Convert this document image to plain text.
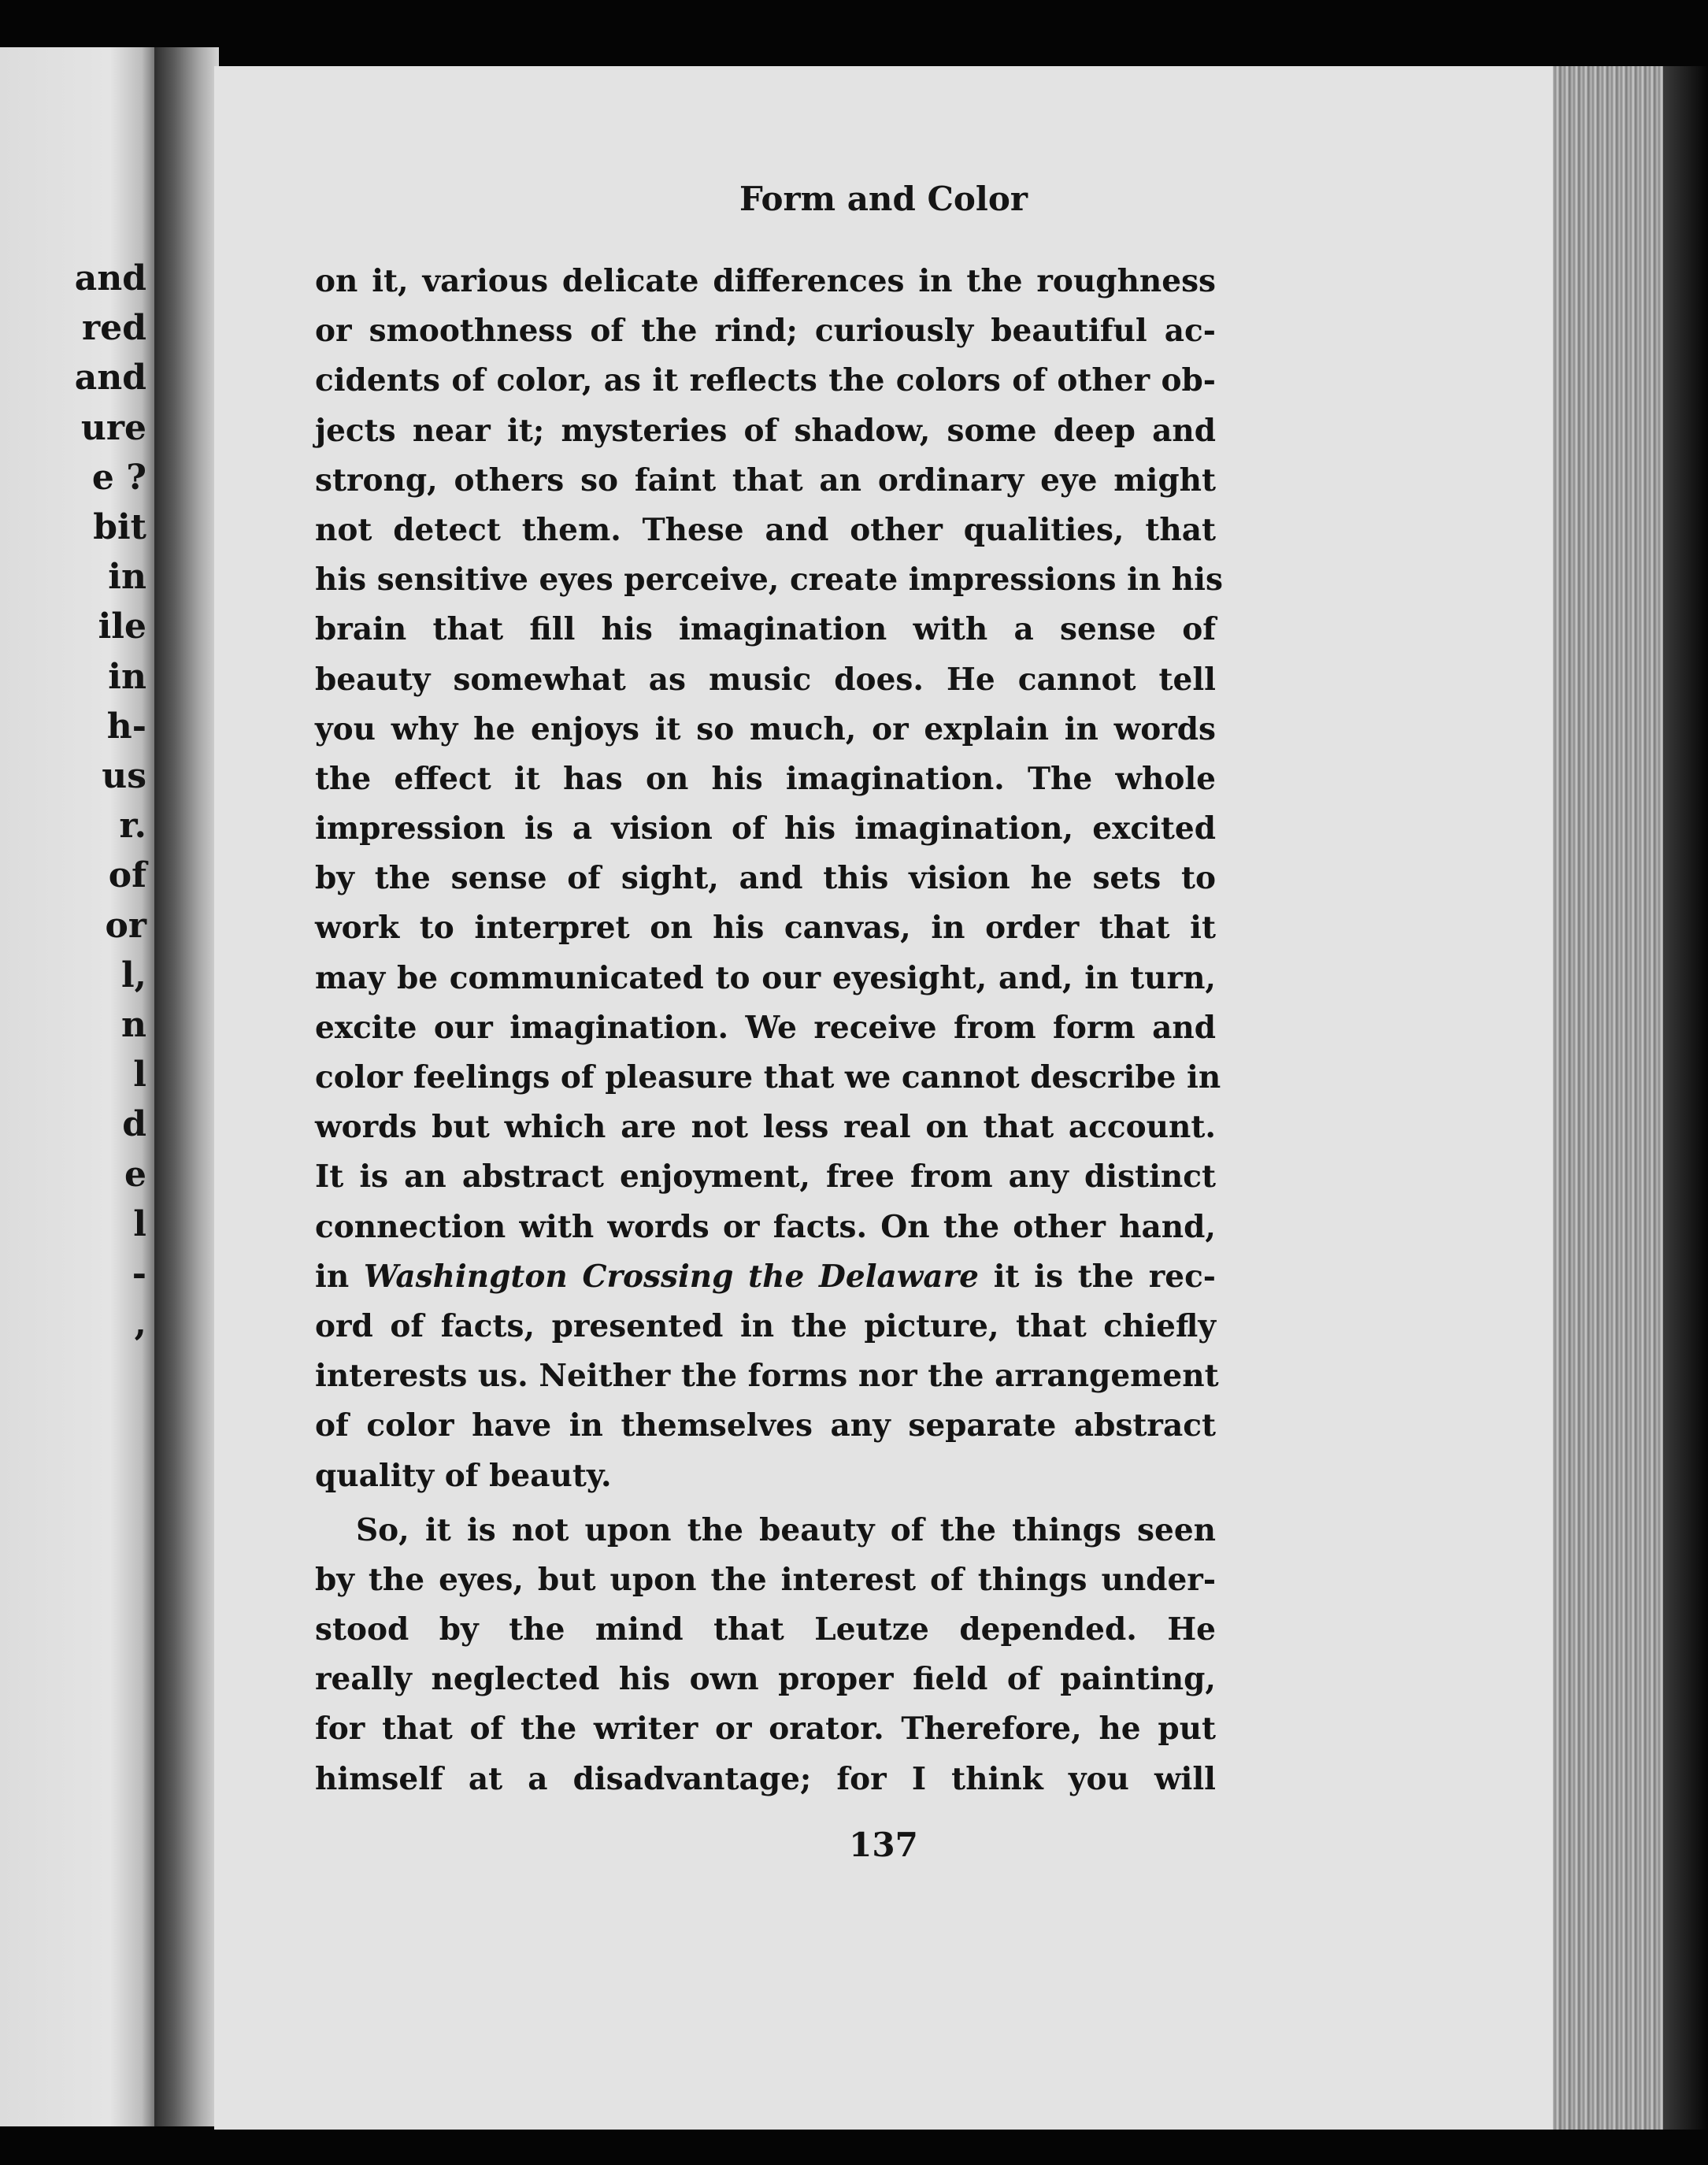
and
red
and
ure
e ?
bit
in
ile
in
h-
us
r.
of
or
l,
n
l
d
e
l
-
,
Form and Color
on it, various delicate differences in the roughness
or smoothness of the rind; curiously beautiful ac-
cidents of color, as it reflects the colors of other ob-
jects near it; mysteries of shadow, some deep and
strong, others so faint that an ordinary eye might
not detect them. These and other qualities, that
his sensitive eyes perceive, create impressions in his
brain that fill his imagination with a sense of
beauty somewhat as music does. He cannot tell
you why he enjoys it so much, or explain in words
the effect it has on his imagination. The whole
impression is a vision of his imagination, excited
by the sense of sight, and this vision he sets to
work to interpret on his canvas, in order that it
may be communicated to our eyesight, and, in turn,
excite our imagination. We receive from form and
color feelings of pleasure that we cannot describe in
words but which are not less real on that account.
It is an abstract enjoyment, free from any distinct
connection with words or facts. On the other hand,
in Washington Crossing the Delaware it is the rec-
ord of facts, presented in the picture, that chiefly
interests us. Neither the forms nor the arrangement
of color have in themselves any separate abstract
quality of beauty.
So, it is not upon the beauty of the things seen
by the eyes, but upon the interest of things under-
stood by the mind that Leutze depended. He
really neglected his own proper field of painting,
for that of the writer or orator. Therefore, he put
himself at a disadvantage; for I think you will
137
